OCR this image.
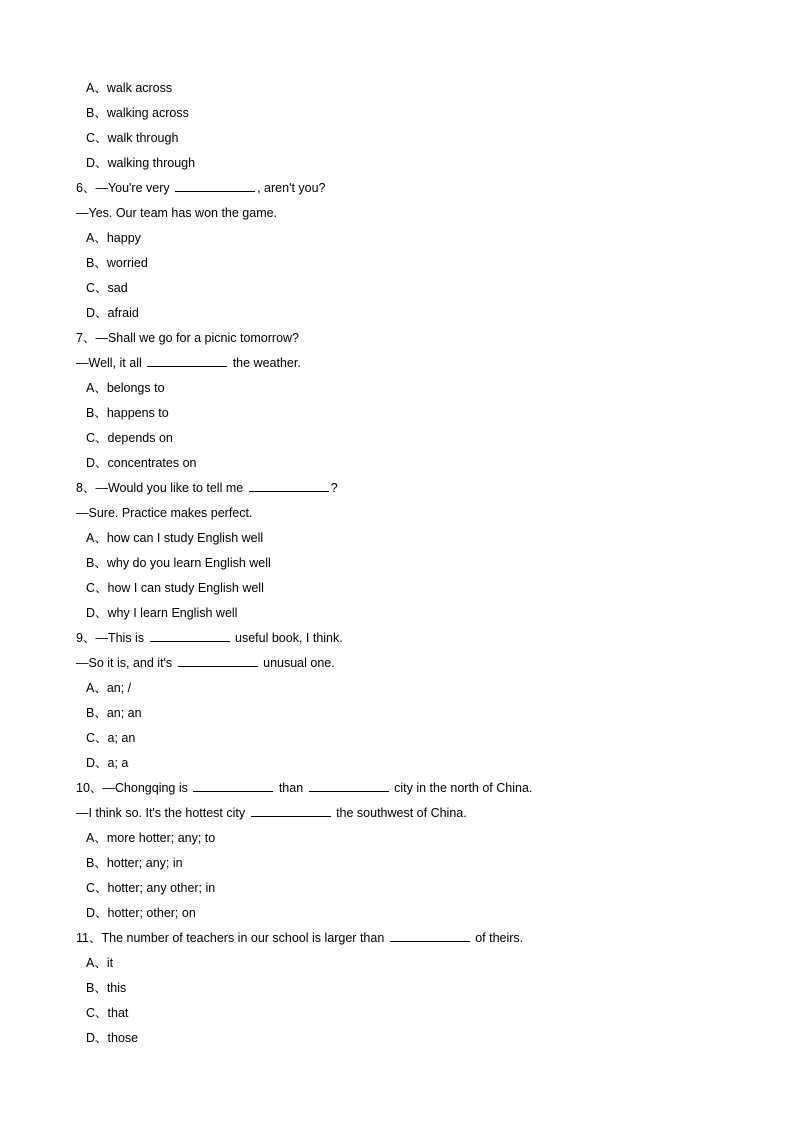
A、walk across
B、walking across
C、walk through
D、walking through
6、—You're very	, aren't you?
—Yes. Our team has won the game.
A、happy
B、worried
C、sad
D、afraid
7、—Shall we go for a picnic tomorrow?
—Well, it all	the weather.
A、belongs to
B、happens to
C、depends on
D、concentrates on
8、—Would you like to tell me	?
—Sure. Practice makes perfect.
A、how can I study English well
B、why do you learn English well
C、how I can study English well
D、why I learn English well
9、—This is	useful book, I think.
—So it is, and it's	unusual one.
A、an; /
B、an; an
C、a; an
D、a; a
10、—Chongqing is	than	city in the north of China.
—I think so. It's the hottest city	the southwest of China.
A、more hotter; any; to
B、hotter; any; in
C、hotter; any other; in
D、hotter; other; on
11、The number of teachers in our school is larger than	of theirs.
A、it
B、this
C、that
D、those
